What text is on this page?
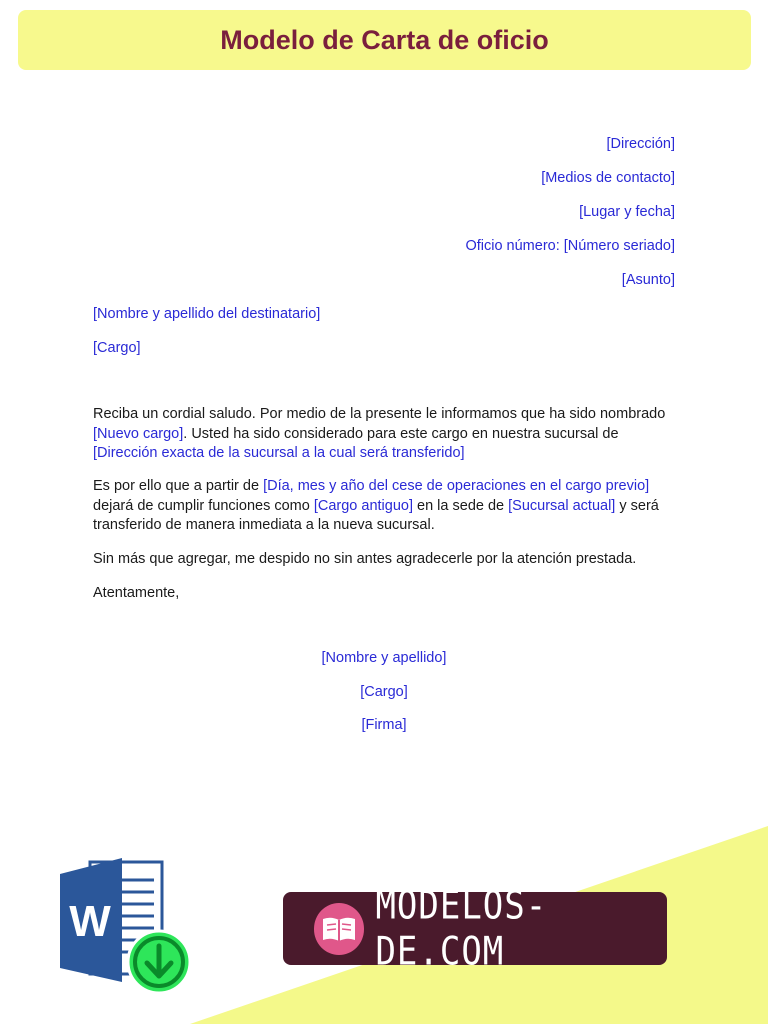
Modelo de Carta de oficio
[Dirección]
[Medios de contacto]
[Lugar y fecha]
Oficio número: [Número seriado]
[Asunto]
[Nombre y apellido del destinatario]
[Cargo]

Reciba un cordial saludo. Por medio de la presente le informamos que ha sido nombrado [Nuevo cargo]. Usted ha sido considerado para este cargo en nuestra sucursal de [Dirección exacta de la sucursal a la cual será transferido]

Es por ello que a partir de [Día, mes y año del cese de operaciones en el cargo previo] dejará de cumplir funciones como [Cargo antiguo] en la sede de [Sucursal actual] y será transferido de manera inmediata a la nueva sucursal.

Sin más que agregar, me despido no sin antes agradecerle por la atención prestada.

Atentamente,

[Nombre y apellido]
[Cargo]
[Firma]
W	MODELOS-DE.COM
